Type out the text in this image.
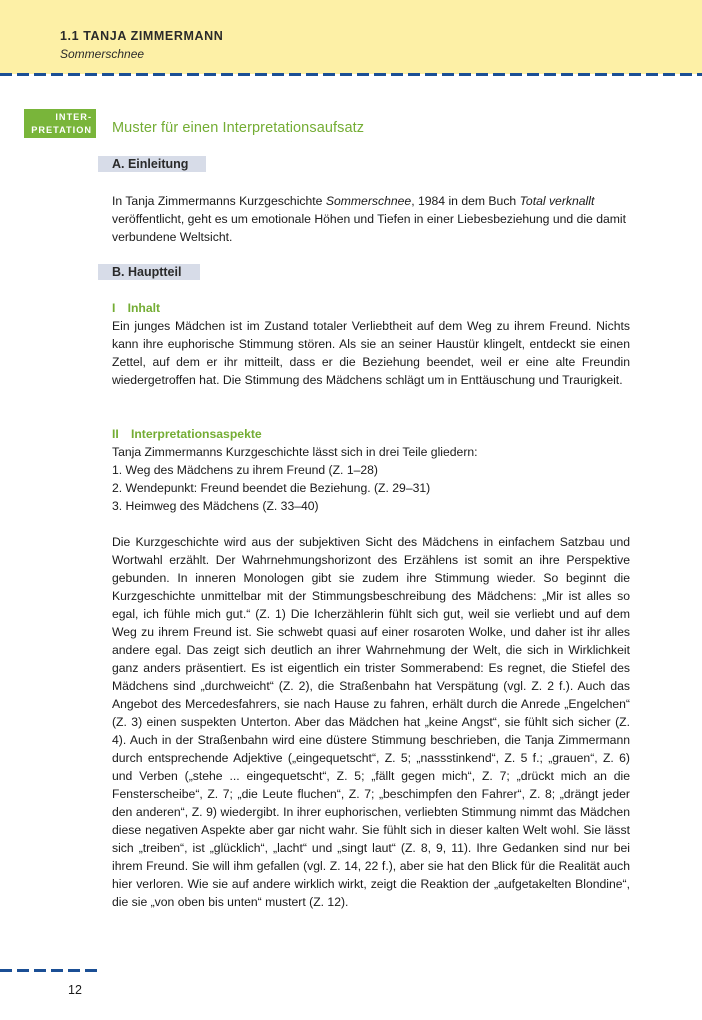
1.1 TANJA ZIMMERMANN
Sommerschnee
INTER-
PRETATION Muster für einen Interpretationsaufsatz
A. Einleitung

In Tanja Zimmermanns Kurzgeschichte Sommerschnee, 1984 in dem Buch Total verknallt veröffentlicht, geht es um emotionale Höhen und Tiefen in einer Liebesbeziehung und die damit verbundene Weltsicht.

B. Hauptteil

I Inhalt

Ein junges Mädchen ist im Zustand totaler Verliebtheit auf dem Weg zu ihrem Freund. Nichts kann ihre euphorische Stimmung stören. Als sie an seiner Haustür klingelt, entdeckt sie einen Zettel, auf dem er ihr mitteilt, dass er die Beziehung beendet, weil er eine alte Freundin wiedergetroffen hat. Die Stimmung des Mädchens schlägt um in Enttäuschung und Traurigkeit.

II Interpretationsaspekte

Tanja Zimmermanns Kurzgeschichte lässt sich in drei Teile gliedern:

1. Weg des Mädchens zu ihrem Freund (Z. 1–28)
2. Wendepunkt: Freund beendet die Beziehung. (Z. 29–31)
3. Heimweg des Mädchens (Z. 33–40)

Die Kurzgeschichte wird aus der subjektiven Sicht des Mädchens in einfachem Satzbau und Wortwahl erzählt. Der Wahrnehmungshorizont des Erzählens ist somit an ihre Perspektive gebunden. In inneren Monologen gibt sie zudem ihre Stimmung wieder. So beginnt die Kurzgeschichte unmittelbar mit der Stimmungsbeschreibung des Mädchens: „Mir ist alles so egal, ich fühle mich gut.“ (Z. 1) Die Icherzählerin fühlt sich gut, weil sie verliebt und auf dem Weg zu ihrem Freund ist. Sie schwebt quasi auf einer rosaroten Wolke, und daher ist ihr alles andere egal. Das zeigt sich deutlich an ihrer Wahrnehmung der Welt, die sich in Wirklichkeit ganz anders präsentiert. Es ist eigentlich ein trister Sommerabend: Es regnet, die Stiefel des Mädchens sind „durchweicht“ (Z. 2), die Straßenbahn hat Verspätung (vgl. Z. 2 f.). Auch das Angebot des Mercedesfahrers, sie nach Hause zu fahren, erhält durch die Anrede „Engelchen“ (Z. 3) einen suspekten Unterton. Aber das Mädchen hat „keine Angst“, sie fühlt sich sicher (Z. 4). Auch in der Straßenbahn wird eine düstere Stimmung beschrieben, die Tanja Zimmermann durch entsprechende Adjektive („eingequetscht“, Z. 5; „nassstinkend“, Z. 5 f.; „grauen“, Z. 6) und Verben („stehe ... eingequetscht“, Z. 5; „fällt gegen mich“, Z. 7; „drückt mich an die Fensterscheibe“, Z. 7; „die Leute fluchen“, Z. 7; „beschimpfen den Fahrer“, Z. 8; „drängt jeder den anderen“, Z. 9) wiedergibt. In ihrer euphorischen, verliebten Stimmung nimmt das Mädchen diese negativen Aspekte aber gar nicht wahr. Sie fühlt sich in dieser kalten Welt wohl. Sie lässt sich „treiben“, ist „glücklich“, „lacht“ und „singt laut“ (Z. 8, 9, 11). Ihre Gedanken sind nur bei ihrem Freund. Sie will ihm gefallen (vgl. Z. 14, 22 f.), aber sie hat den Blick für die Realität auch hier verloren. Wie sie auf andere wirklich wirkt, zeigt die Reaktion der „aufgetakelten Blondine“, die sie „von oben bis unten“ mustert (Z. 12).

12
